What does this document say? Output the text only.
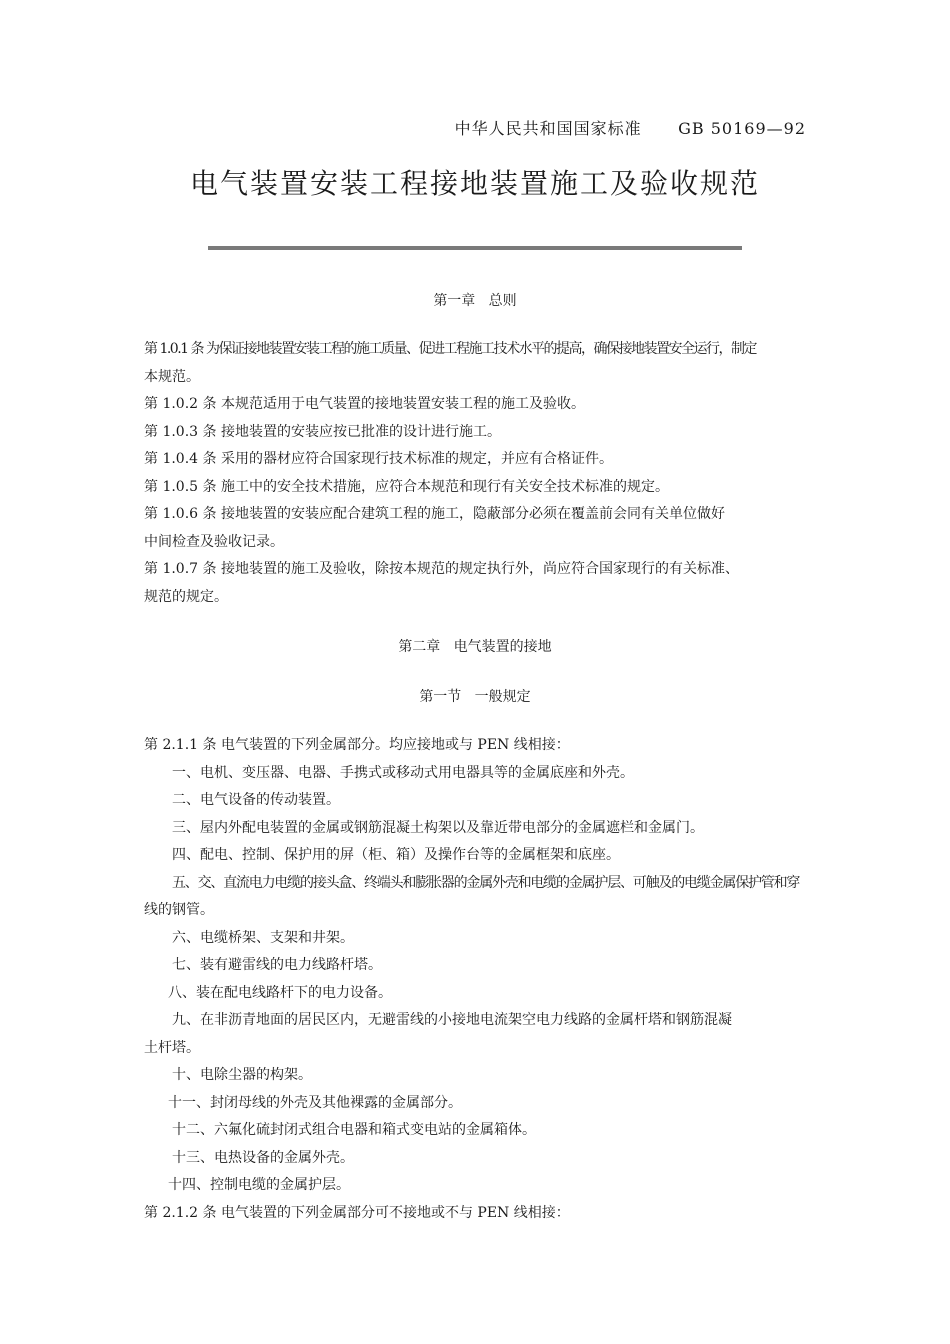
中华人民共和国国家标准      GB 50169—92
电气装置安装工程接地装置施工及验收规范
第一章   总则
第 1.0.1 条 为保证接地装置安装工程的施工质量、促进工程施工技术水平的提高，确保接地装置安全运行，制定
本规范。
第 1.0.2 条 本规范适用于电气装置的接地装置安装工程的施工及验收。
第 1.0.3 条 接地装置的安装应按已批准的设计进行施工。
第 1.0.4 条 采用的器材应符合国家现行技术标准的规定，并应有合格证件。
第 1.0.5 条 施工中的安全技术措施，应符合本规范和现行有关安全技术标准的规定。
第 1.0.6 条 接地装置的安装应配合建筑工程的施工，隐蔽部分必须在覆盖前会同有关单位做好
中间检查及验收记录。
第 1.0.7 条 接地装置的施工及验收，除按本规范的规定执行外，尚应符合国家现行的有关标准、
规范的规定。
第二章   电气装置的接地
第一节   一般规定
第 2.1.1 条 电气装置的下列金属部分。均应接地或与 PEN 线相接：
一、电机、变压器、电器、手携式或移动式用电器具等的金属底座和外壳。
二、电气设备的传动装置。
三、屋内外配电装置的金属或钢筋混凝土构架以及靠近带电部分的金属遮栏和金属门。
四、配电、控制、保护用的屏（柜、箱）及操作台等的金属框架和底座。
五、交、直流电力电缆的接头盒、终端头和膨胀器的金属外壳和电缆的金属护层、可触及的电缆金属保护管和穿
线的钢管。
六、电缆桥架、支架和井架。
七、装有避雷线的电力线路杆塔。
八、装在配电线路杆下的电力设备。
九、在非沥青地面的居民区内，无避雷线的小接地电流架空电力线路的金属杆塔和钢筋混凝
土杆塔。
十、电除尘器的构架。
十一、封闭母线的外壳及其他裸露的金属部分。
十二、六氟化硫封闭式组合电器和箱式变电站的金属箱体。
十三、电热设备的金属外壳。
十四、控制电缆的金属护层。
第 2.1.2 条 电气装置的下列金属部分可不接地或不与 PEN 线相接：
